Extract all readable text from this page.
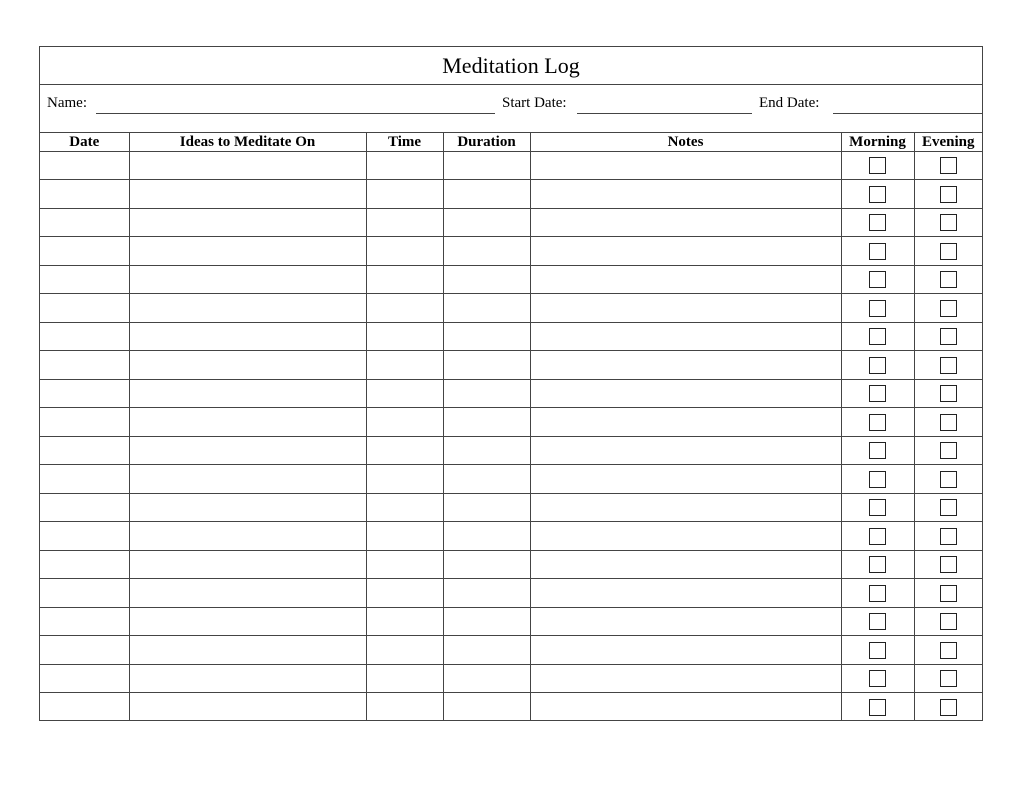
Meditation Log
Name:	Start Date:	End Date:
Date	Ideas to Meditate On	Time	Duration	Notes	Morning	Evening
